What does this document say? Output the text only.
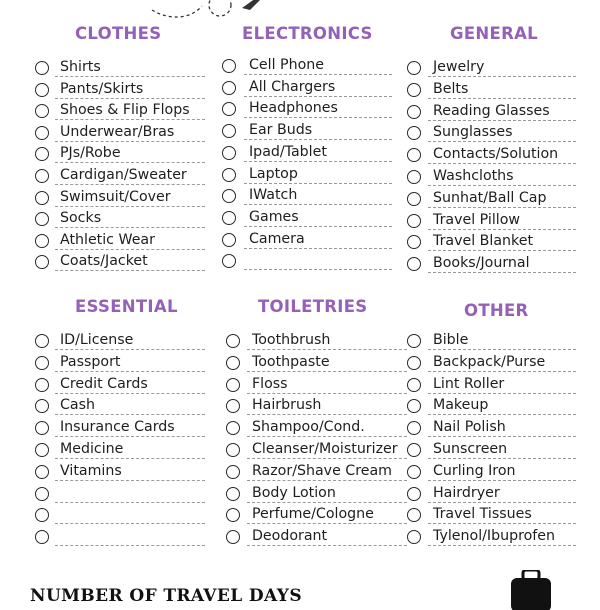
CLOTHES
Shirts
Pants/Skirts
Shoes & Flip Flops
Underwear/Bras
PJs/Robe
Cardigan/Sweater
Swimsuit/Cover
Socks
Athletic Wear
Coats/Jacket
ELECTRONICS
Cell Phone
All Chargers
Headphones
Ear Buds
Ipad/Tablet
Laptop
IWatch
Games
Camera
GENERAL
Jewelry
Belts
Reading Glasses
Sunglasses
Contacts/Solution
Washcloths
Sunhat/Ball Cap
Travel Pillow
Travel Blanket
Books/Journal
ESSENTIAL
ID/License
Passport
Credit Cards
Cash
Insurance Cards
Medicine
Vitamins
TOILETRIES
Toothbrush
Toothpaste
Floss
Hairbrush
Shampoo/Cond.
Cleanser/Moisturizer
Razor/Shave Cream
Body Lotion
Perfume/Cologne
Deodorant
OTHER
Bible
Backpack/Purse
Lint Roller
Makeup
Nail Polish
Sunscreen
Curling Iron
Hairdryer
Travel Tissues
Tylenol/Ibuprofen
NUMBER OF TRAVEL DAYS
